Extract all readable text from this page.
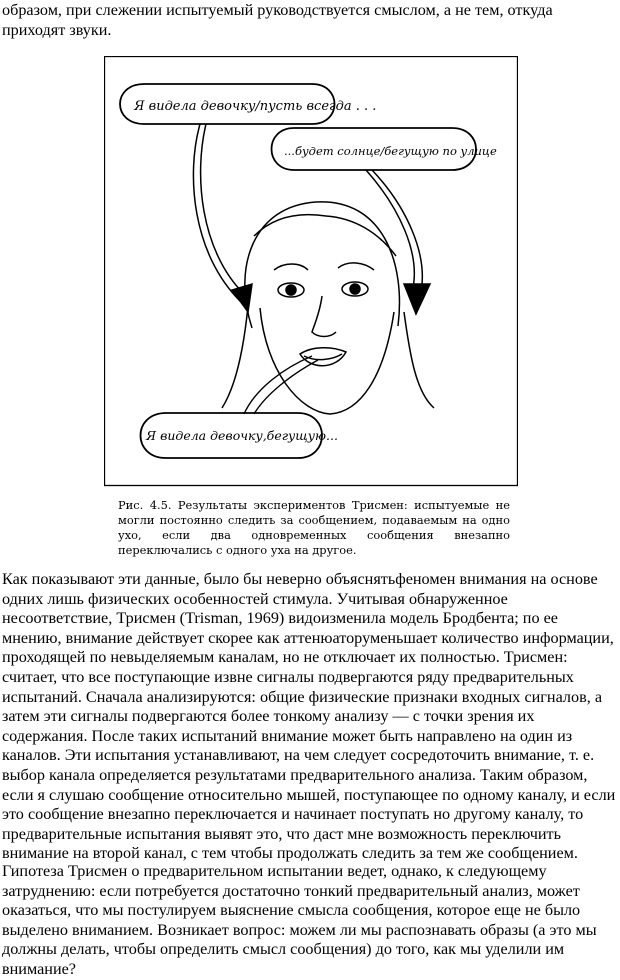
образом, при слежении испытуемый руководствуется смыслом, а не тем, откуда приходят звуки.

Я видела девочку/пусть всегда . . .
...будет солнце/бегущую по улице
Я видела девочку,бегущую...

Рис. 4.5. Результаты экспериментов Трисмен: испытуемые не могли постоянно следить за сообщением, подаваемым на одно ухо, если два одновременных сообщения внезапно переключались с одного уха на другое.

Как показывают эти данные, было бы неверно объяснятьфеномен внимания на основе одних лишь физических особенностей стимула. Учитывая обнаруженное несоответствие, Трисмен (Trisman, 1969) видоизменила модель Бродбента; по ее мнению, внимание действует скорее как аттенюаторуменьшает количество информации, проходящей по невыделяемым каналам, но не отключает их полностью. Трисмен: считает, что все поступающие извне сигналы подвергаются ряду предварительных испытаний. Сначала анализируются: общие физические признаки входных сигналов, а затем эти сигналы подвергаются более тонкому анализу — с точки зрения их содержания. После таких испытаний внимание может быть направлено на один из каналов. Эти испытания устанавливают, на чем следует сосредоточить внимание, т. е. выбор канала определяется результатами предварительного анализа. Таким образом, если я слушаю сообщение относительно мышей, поступающее по одному каналу, и если это сообщение внезапно переключается и начинает поступать но другому каналу, то предварительные испытания выявят это, что даст мне возможность переключить внимание на второй канал, с тем чтобы продолжать следить за тем же сообщением.

Гипотеза Трисмен о предварительном испытании ведет, однако, к следующему затруднению: если потребуется достаточно тонкий предварительный анализ, может оказаться, что мы постулируем выяснение смысла сообщения, которое еще не было выделено вниманием. Возникает вопрос: можем ли мы распознавать образы (а это мы должны делать, чтобы определить смысл сообщения) до того, как мы уделили им внимание?
